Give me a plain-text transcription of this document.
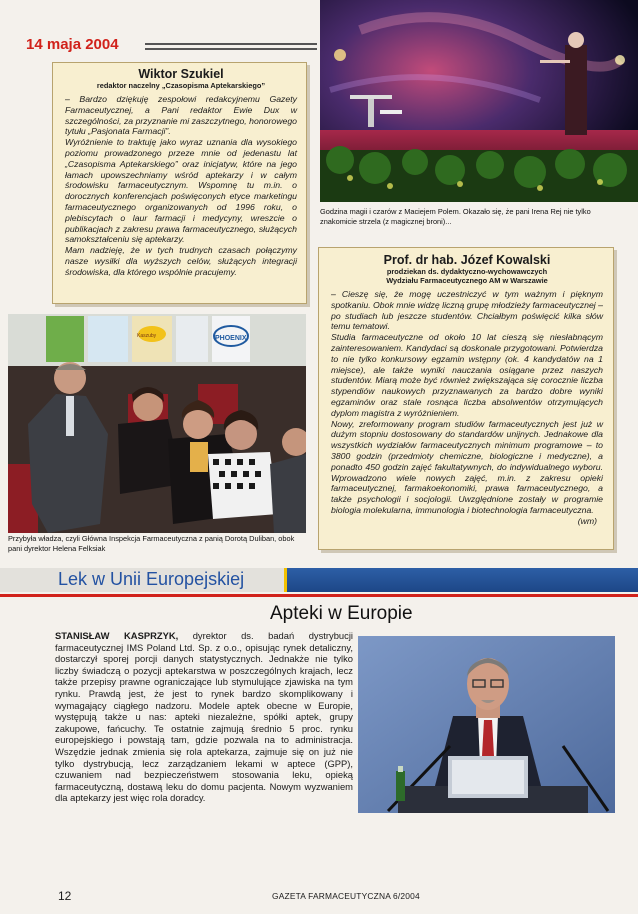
14 maja 2004
Godzina magii i czarów z Maciejem Polem. Okazało się, że pani Irena Rej nie tylko znakomicie strzela (z magicznej broni)...

Wiktor Szukiel

redaktor naczelny „Czasopisma Aptekarskiego”
– Bardzo dziękuję zespołowi redakcyjnemu Gazety Farmaceutycznej, a Pani redaktor Ewie Dux w szczególności, za przyznanie mi zaszczytnego, honorowego tytułu „Pasjonata Farmacji”.
Wyróżnienie to traktuję jako wyraz uznania dla wysokiego poziomu prowadzonego przeze mnie od jedenastu lat „Czasopisma Aptekarskiego” oraz inicjatyw, które na jego łamach upowszechniamy wśród aptekarzy i w całym środowisku farmaceutycznym. Wspomnę tu m.in. o dorocznych konferencjach poświęconych etyce marketingu farmaceutycznego organizowanych od 1996 roku, o plebiscytach o laur farmacji i medycyny, wreszcie o publikacjach z zakresu prawa farmaceutycznego, służących samokształceniu się aptekarzy.
Mam nadzieję, że w tych trudnych czasach połączymy nasze wysiłki dla wyższych celów, służących integracji środowiska, dla którego wspólnie pracujemy.
PHOENIX
Kaszuby
Przybyła władza, czyli Główna Inspekcja Farmaceutyczna z panią Dorotą Duliban, obok pani dyrektor Helena Felksiak

Prof. dr hab. Józef Kowalski

prodziekan ds. dydaktyczno-wychowawczych
Wydziału Farmaceutycznego AM w Warszawie
– Cieszę się, że mogę uczestniczyć w tym ważnym i pięknym spotkaniu. Obok mnie widzę liczną grupę młodzieży farmaceutycznej – po studiach lub jeszcze studentów. Chciałbym poświęcić kilka słów temu tematowi.
Studia farmaceutyczne od około 10 lat cieszą się niesłabnącym zainteresowaniem. Kandydaci są doskonale przygotowani. Potwierdza to nie tylko konkursowy egzamin wstępny (ok. 4 kandydatów na 1 miejsce), ale także wyniki nauczania osiągane przez naszych studentów. Miarą może być również zwiększająca się corocznie liczba stypendiów naukowych przyznawanych za bardzo dobre wyniki egzaminów oraz stale rosnąca liczba absolwentów otrzymujących dyplom magistra z wyróżnieniem.
Nowy, zreformowany program studiów farmaceutycznych jest już w dużym stopniu dostosowany do standardów unijnych. Jednakowe dla wszystkich wydziałów farmaceutycznych minimum programowe – to 3800 godzin (przedmioty chemiczne, biologiczne i medyczne), a ponadto 450 godzin zajęć fakultatywnych, do indywidualnego wyboru. Wprowadzono wiele nowych zajęć, m.in. z zakresu opieki farmaceutycznej, farmakoekonomiki, prawa farmaceutycznego, a także psychologii i socjologii. Uwzględnione zostały w programie biologia molekularna, immunologia i biotechnologia farmaceutyczna.
(wm)
Lek w Unii Europejskiej
Apteki w Europie
STANISŁAW KASPRZYK, dyrektor ds. badań dystrybucji farmaceutycznej IMS Poland Ltd. Sp. z o.o., opisując rynek detaliczny, dostarczył sporej porcji danych statystycznych. Jednakże nie tylko liczby świadczą o pozycji aptekarstwa w poszczególnych krajach, lecz także przepisy prawne ograniczające lub stymulujące zjawiska na tym rynku. Prawdą jest, że jest to rynek bardzo skomplikowany i wymagający ciągłego nadzoru. Modele aptek obecne w Europie, występują także u nas: apteki niezależne, spółki aptek, grupy zakupowe, fańcuchy. Te ostatnie zajmują średnio 5 proc. rynku europejskiego i powstają tam, gdzie pozwala na to administracja. Wszędzie jednak zmienia się rola aptekarza, zajmuje się on już nie tylko dystrybucją, lecz zarządzaniem lekami w aptece (GPP), czuwaniem nad bezpieczeństwem stosowania leku, opieką farmaceutyczną, dostawą leku do domu pacjenta. Nowym wyzwaniem dla aptekarzy jest więc rola doradcy.
12	GAZETA FARMACEUTYCZNA 6/2004
